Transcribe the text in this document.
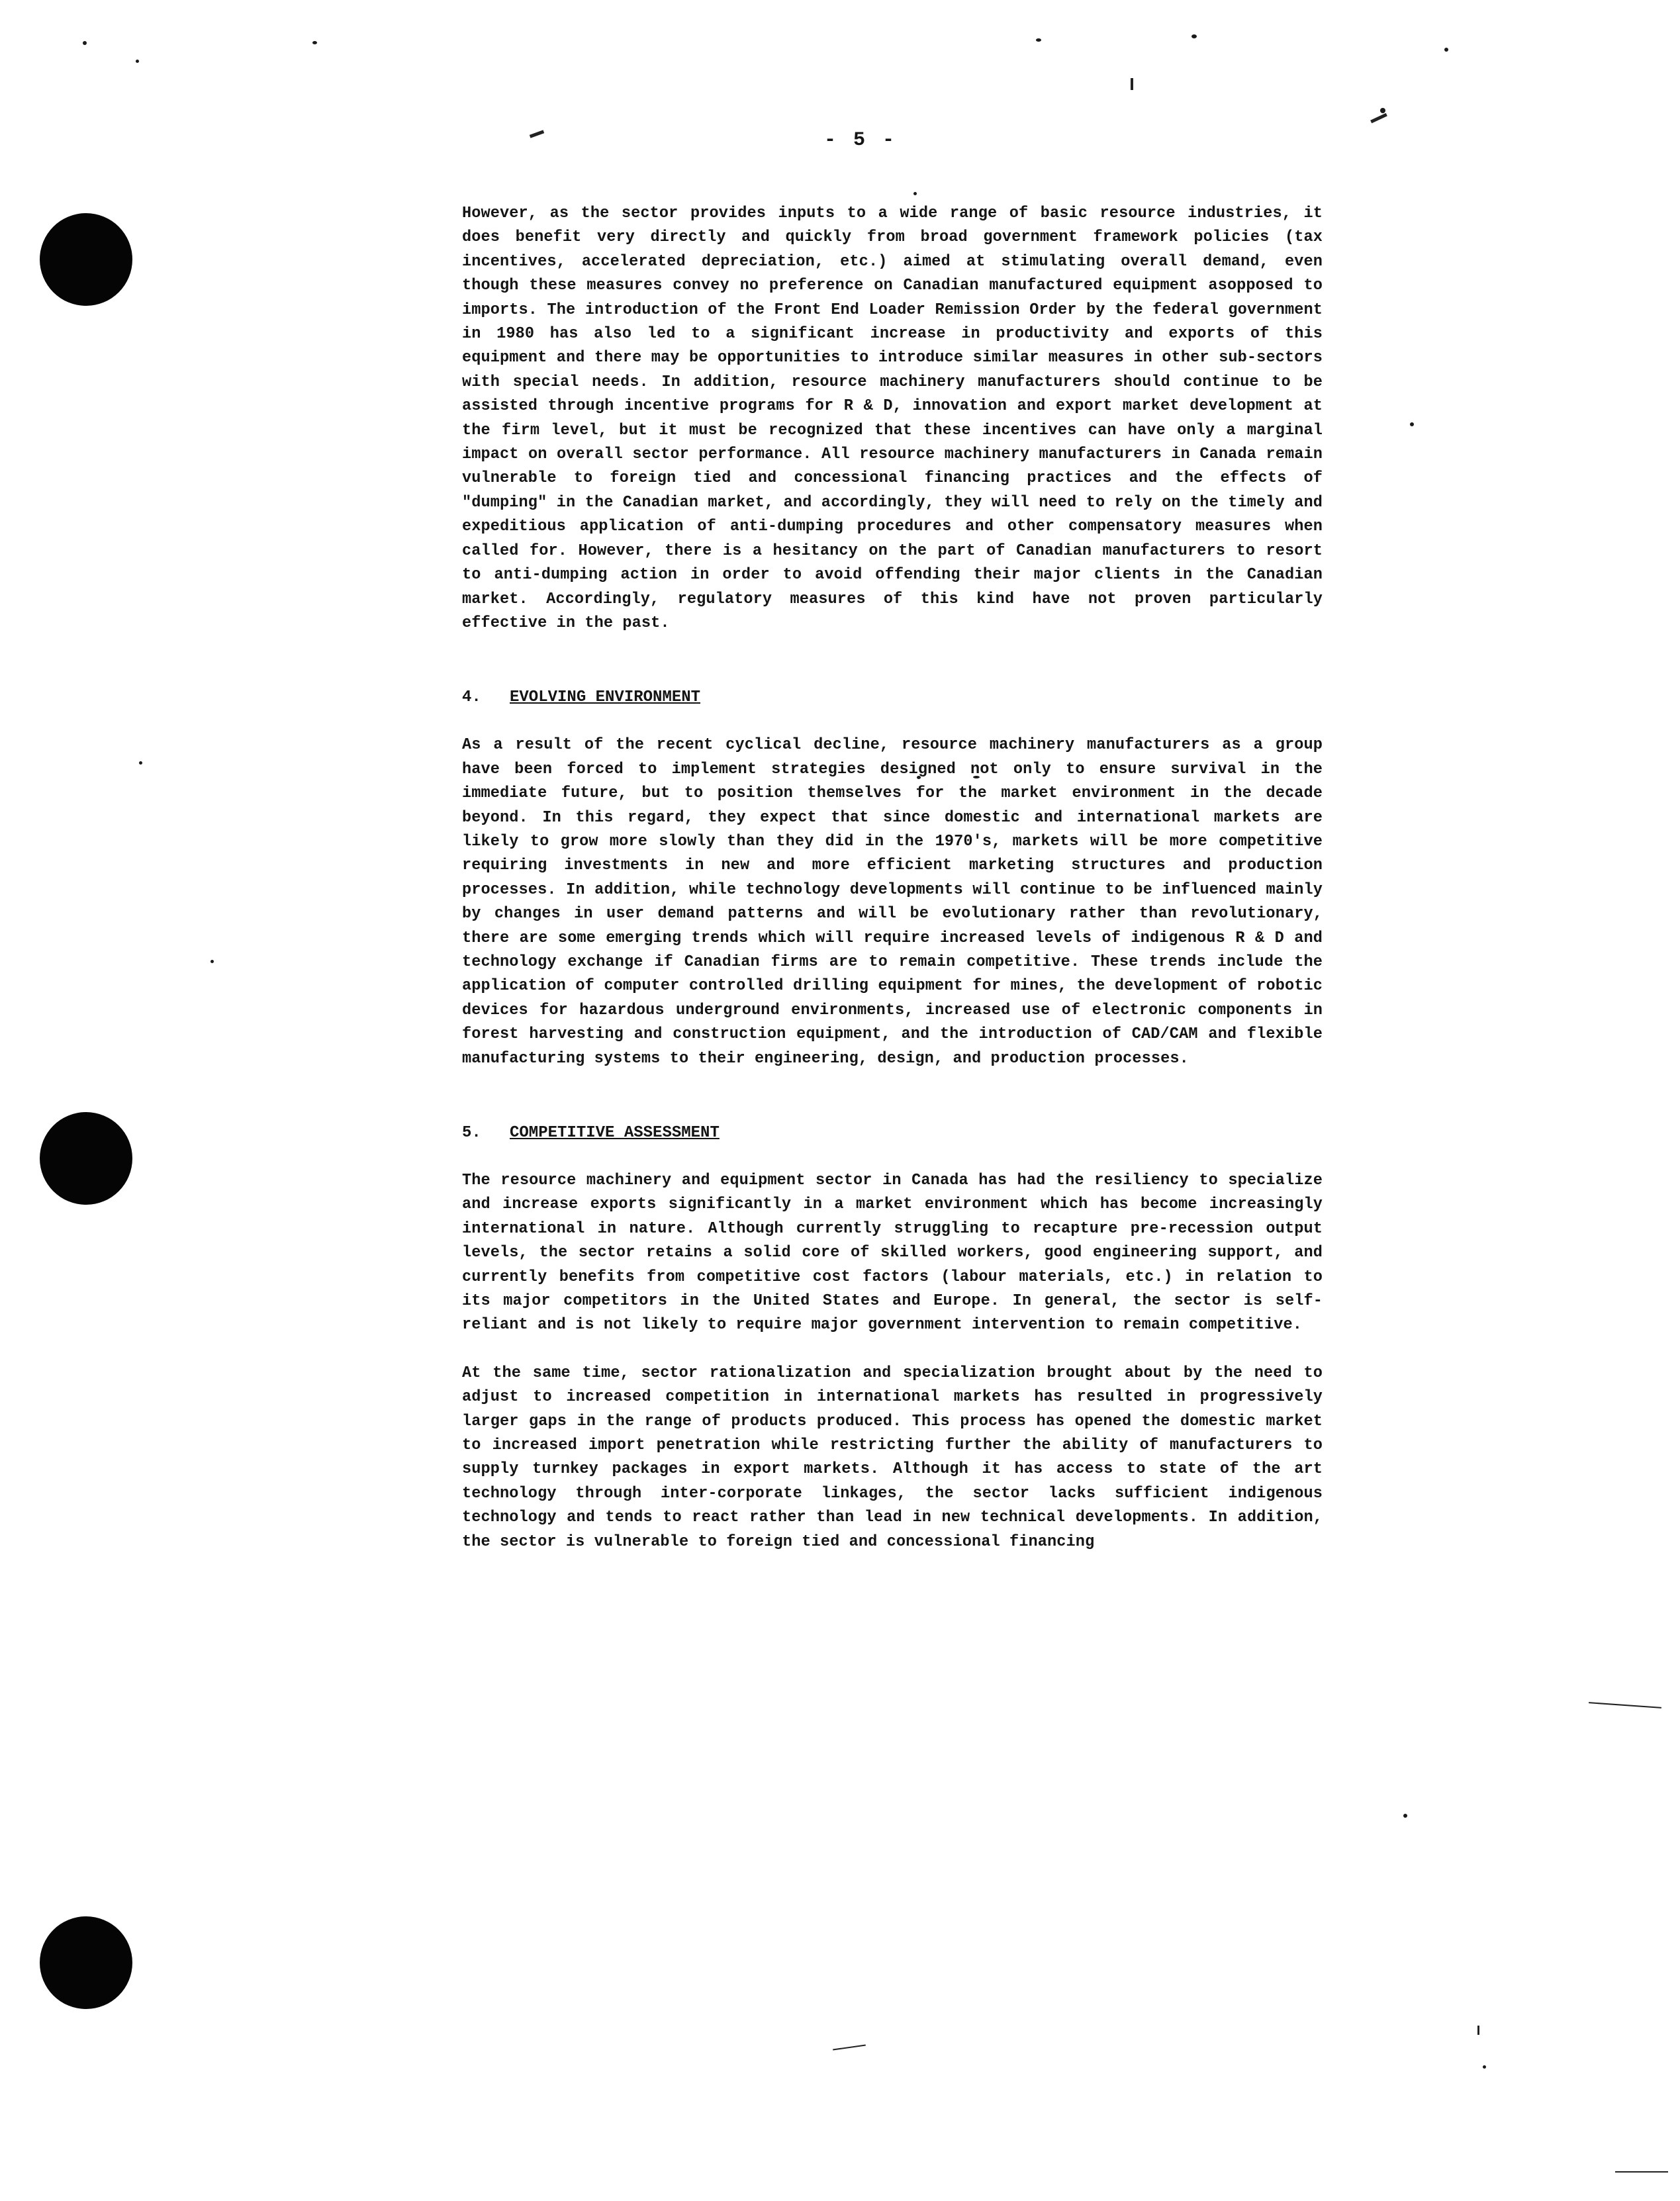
- 5 -

However, as the sector provides inputs to a wide range of basic resource industries, it does benefit very directly and quickly from broad government framework policies (tax incentives, accelerated depreciation, etc.) aimed at stimulating overall demand, even though these measures convey no preference on Canadian manufactured equipment asopposed to imports. The introduction of the Front End Loader Remission Order by the federal government in 1980 has also led to a significant increase in productivity and exports of this equipment and there may be opportunities to introduce similar measures in other sub-sectors with special needs. In addition, resource machinery manufacturers should continue to be assisted through incentive programs for R & D, innovation and export market development at the firm level, but it must be recognized that these incentives can have only a marginal impact on overall sector performance. All resource machinery manufacturers in Canada remain vulnerable to foreign tied and concessional financing practices and the effects of "dumping" in the Canadian market, and accordingly, they will need to rely on the timely and expeditious application of anti-dumping procedures and other compensatory measures when called for. However, there is a hesitancy on the part of Canadian manufacturers to resort to anti-dumping action in order to avoid offending their major clients in the Canadian market. Accordingly, regulatory measures of this kind have not proven particularly effective in the past.

4. EVOLVING ENVIRONMENT

As a result of the recent cyclical decline, resource machinery manufacturers as a group have been forced to implement strategies designed not only to ensure survival in the immediate future, but to position themselves for the market environment in the decade beyond. In this regard, they expect that since domestic and international markets are likely to grow more slowly than they did in the 1970's, markets will be more competitive requiring investments in new and more efficient marketing structures and production processes. In addition, while technology developments will continue to be influenced mainly by changes in user demand patterns and will be evolutionary rather than revolutionary, there are some emerging trends which will require increased levels of indigenous R & D and technology exchange if Canadian firms are to remain competitive. These trends include the application of computer controlled drilling equipment for mines, the development of robotic devices for hazardous underground environments, increased use of electronic components in forest harvesting and construction equipment, and the introduction of CAD/CAM and flexible manufacturing systems to their engineering, design, and production processes.

5. COMPETITIVE ASSESSMENT

The resource machinery and equipment sector in Canada has had the resiliency to specialize and increase exports significantly in a market environment which has become increasingly international in nature. Although currently struggling to recapture pre-recession output levels, the sector retains a solid core of skilled workers, good engineering support, and currently benefits from competitive cost factors (labour materials, etc.) in relation to its major competitors in the United States and Europe. In general, the sector is self-reliant and is not likely to require major government intervention to remain competitive.

At the same time, sector rationalization and specialization brought about by the need to adjust to increased competition in international markets has resulted in progressively larger gaps in the range of products produced. This process has opened the domestic market to increased import penetration while restricting further the ability of manufacturers to supply turnkey packages in export markets. Although it has access to state of the art technology through inter-corporate linkages, the sector lacks sufficient indigenous technology and tends to react rather than lead in new technical developments. In addition, the sector is vulnerable to foreign tied and concessional financing
